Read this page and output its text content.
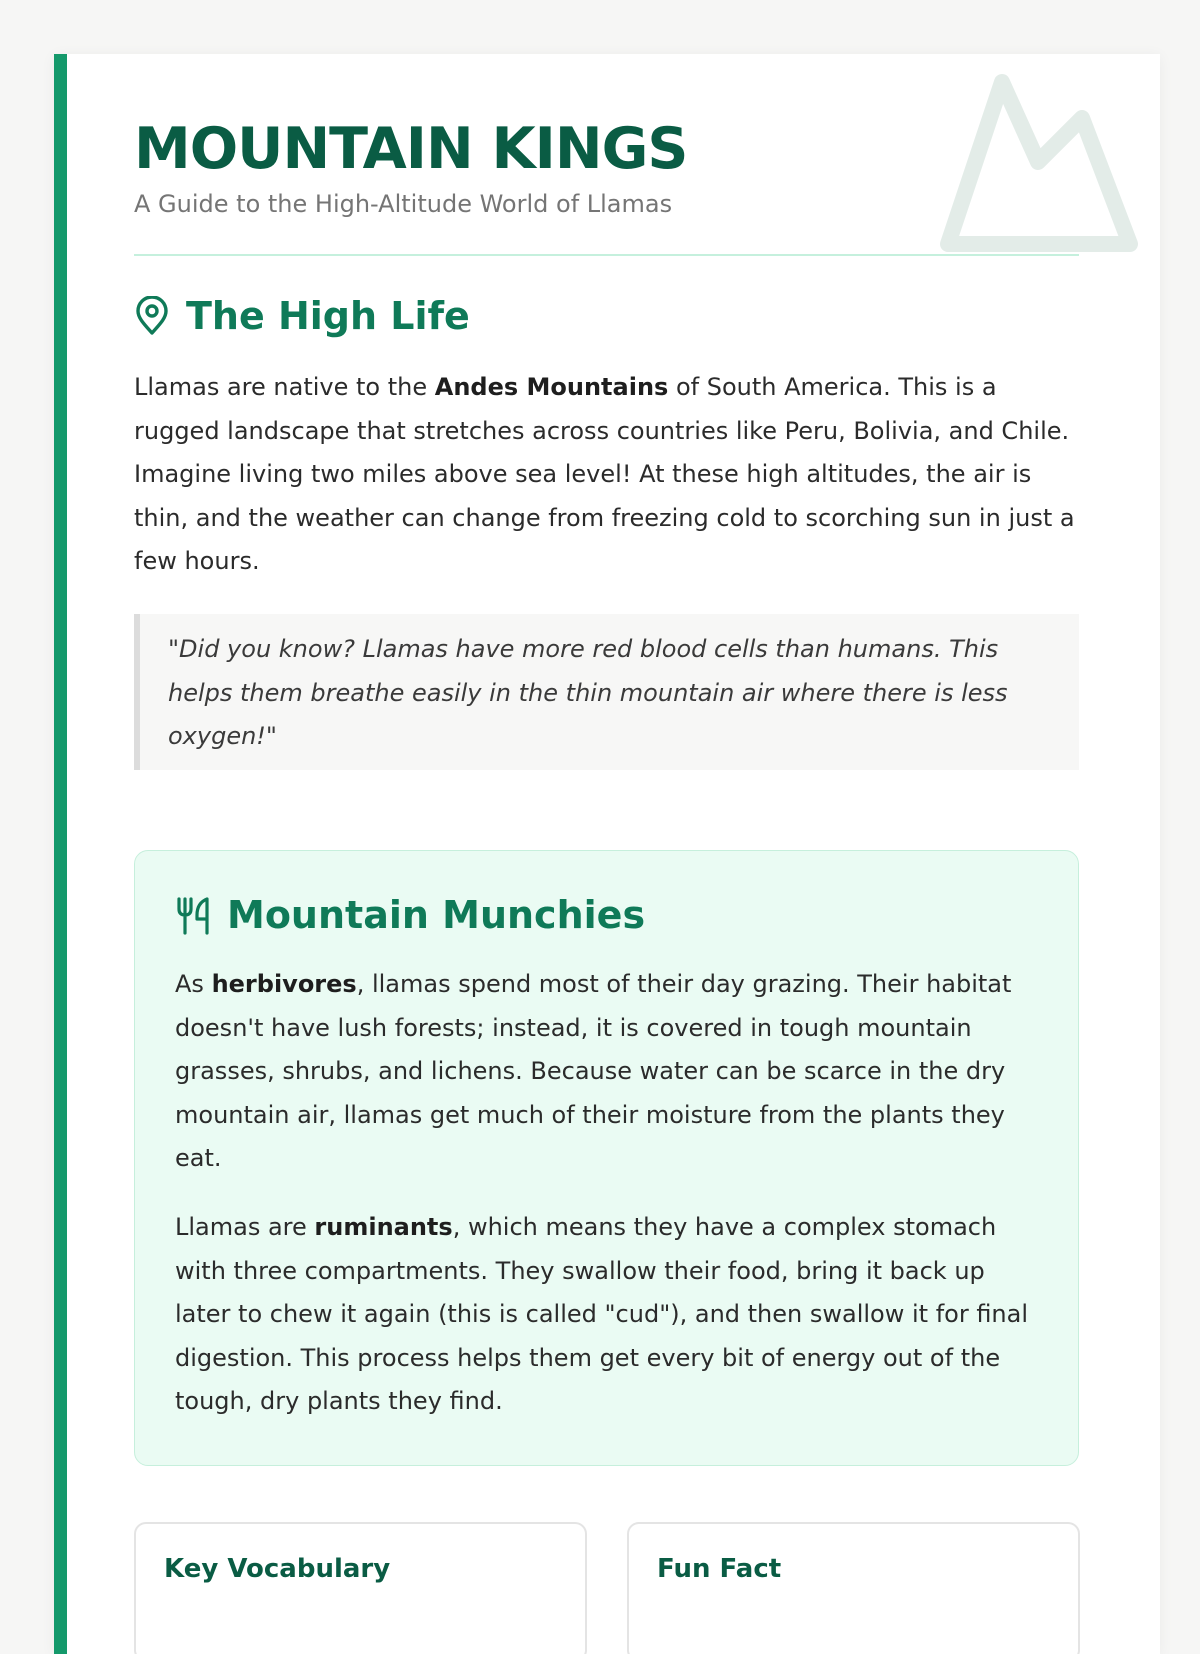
MOUNTAIN KINGS

A Guide to the High-Altitude World of Llamas

The High Life

Llamas are native to the Andes Mountains of South America. This is a rugged landscape that stretches across countries like Peru, Bolivia, and Chile. Imagine living two miles above sea level! At these high altitudes, the air is thin, and the weather can change from freezing cold to scorching sun in just a few hours.

"Did you know? Llamas have more red blood cells than humans. This helps them breathe easily in the thin mountain air where there is less oxygen!"

Mountain Munchies

As herbivores, llamas spend most of their day grazing. Their habitat doesn't have lush forests; instead, it is covered in tough mountain grasses, shrubs, and lichens. Because water can be scarce in the dry mountain air, llamas get much of their moisture from the plants they eat.

Llamas are ruminants, which means they have a complex stomach with three compartments. They swallow their food, bring it back up later to chew it again (this is called "cud"), and then swallow it for final digestion. This process helps them get every bit of energy out of the tough, dry plants they find.

Key Vocabulary	Fun Fact
